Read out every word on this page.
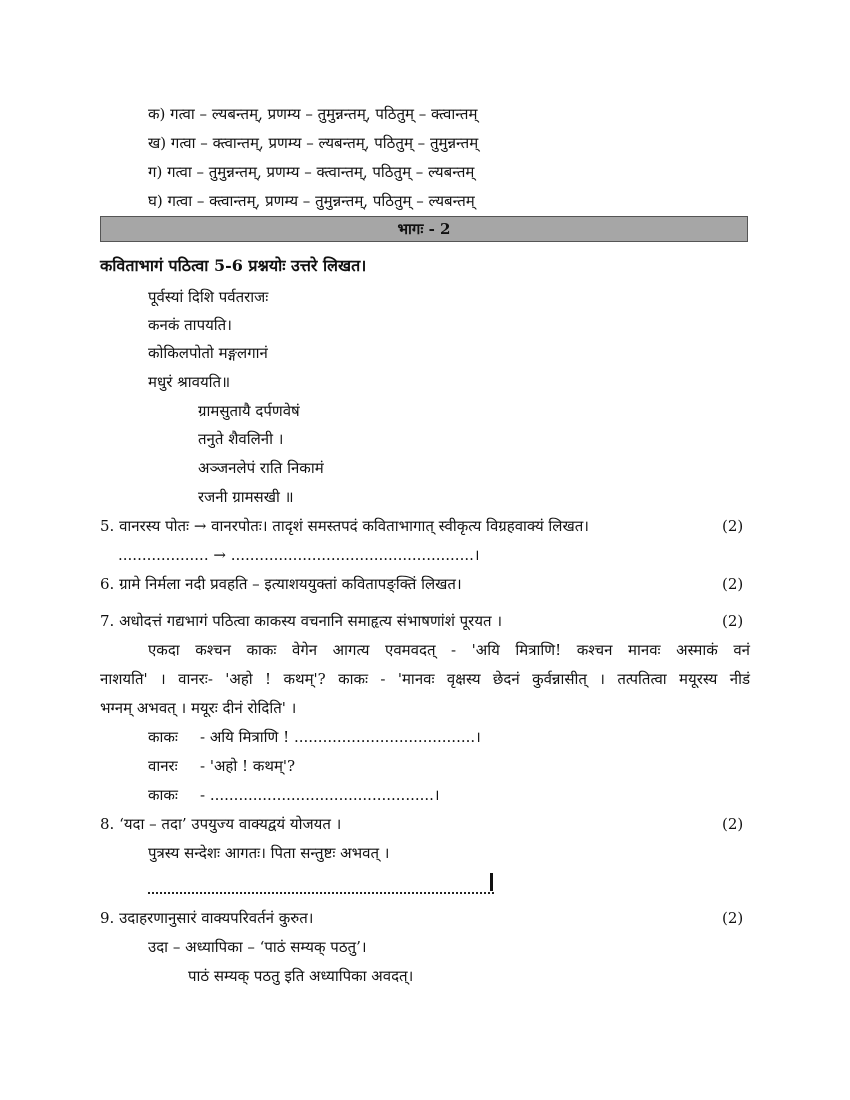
क) गत्वा – ल्यबन्तम्, प्रणम्य – तुमुन्नन्तम्, पठितुम् – क्त्वान्तम्
ख) गत्वा – क्त्वान्तम्, प्रणम्य – ल्यबन्तम्, पठितुम् – तुमुन्नन्तम्
ग) गत्वा – तुमुन्नन्तम्, प्रणम्य – क्त्वान्तम्, पठितुम् – ल्यबन्तम्
घ) गत्वा – क्त्वान्तम्, प्रणम्य – तुमुन्नन्तम्, पठितुम् – ल्यबन्तम्
भागः - 2
कविताभागं पठित्वा 5-6 प्रश्नयोः उत्तरे लिखत।
पूर्वस्यां दिशि पर्वतराजः
कनकं तापयति।
कोकिलपोतो मङ्गलगानं
मधुरं श्रावयति॥
ग्रामसुतायै दर्पणवेषं
तनुते शैवलिनी ।
अञ्जनलेपं राति निकामं
रजनी ग्रामसखी ॥
5. वानरस्य पोतः → वानरपोतः। तादृशं समस्तपदं कविताभागात् स्वीकृत्य विग्रहवाक्यं लिखत।	(2)
................... → ...................................................।
6. ग्रामे निर्मला नदी प्रवहति – इत्याशययुक्तां कवितापङ्क्तिं लिखत।	(2)
7. अधोदत्तं गद्यभागं पठित्वा काकस्य वचनानि समाहृत्य संभाषणांशं पूरयत ।	(2)
एकदा कश्चन काकः वेगेन आगत्य एवमवदत् - 'अयि मित्राणि! कश्चन मानवः अस्माकं वनं
नाशयति' । वानरः- 'अहो ! कथम्'? काकः - 'मानवः वृक्षस्य छेदनं कुर्वन्नासीत् । तत्पतित्वा मयूरस्य नीडं
भग्नम् अभवत् । मयूरः दीनं रोदिति' ।
काकः - अयि मित्राणि ! ......................................।
वानरः - 'अहो ! कथम्'?
काकः - ...............................................।
8. ‘यदा – तदा’ उपयुज्य वाक्यद्वयं योजयत ।	(2)
पुत्रस्य सन्देशः आगतः। पिता सन्तुष्टः अभवत् ।
9. उदाहरणानुसारं वाक्यपरिवर्तनं कुरुत।	(2)
उदा – अध्यापिका – ‘पाठं सम्यक् पठतु’।
पाठं सम्यक् पठतु इति अध्यापिका अवदत्।
